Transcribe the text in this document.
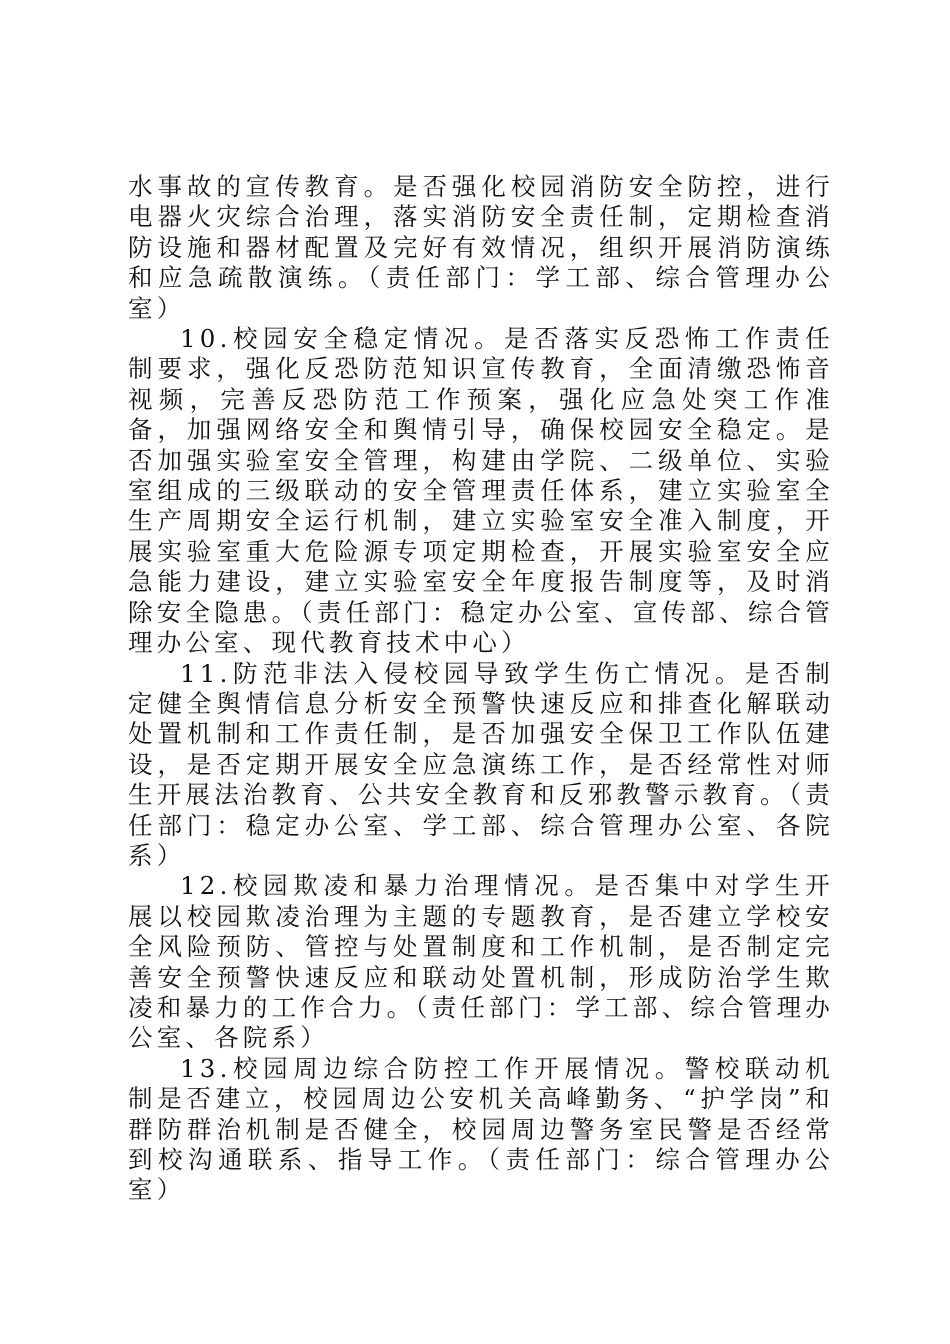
水事故的宣传教育。是否强化校园消防安全防控，进行电器火灾综合治理，落实消防安全责任制，定期检查消防设施和器材配置及完好有效情况，组织开展消防演练和应急疏散演练。（责任部门：学工部、综合管理办公室）

10.校园安全稳定情况。是否落实反恐怖工作责任制要求，强化反恐防范知识宣传教育，全面清缴恐怖音视频，完善反恐防范工作预案，强化应急处突工作准备，加强网络安全和舆情引导，确保校园安全稳定。是否加强实验室安全管理，构建由学院、二级单位、实验室组成的三级联动的安全管理责任体系，建立实验室全生产周期安全运行机制，建立实验室安全准入制度，开展实验室重大危险源专项定期检查，开展实验室安全应急能力建设，建立实验室安全年度报告制度等，及时消除安全隐患。（责任部门：稳定办公室、宣传部、综合管理办公室、现代教育技术中心）

11.防范非法入侵校园导致学生伤亡情况。是否制定健全舆情信息分析安全预警快速反应和排查化解联动处置机制和工作责任制，是否加强安全保卫工作队伍建设，是否定期开展安全应急演练工作，是否经常性对师生开展法治教育、公共安全教育和反邪教警示教育。（责任部门：稳定办公室、学工部、综合管理办公室、各院系）

12.校园欺凌和暴力治理情况。是否集中对学生开展以校园欺凌治理为主题的专题教育，是否建立学校安全风险预防、管控与处置制度和工作机制，是否制定完善安全预警快速反应和联动处置机制，形成防治学生欺凌和暴力的工作合力。（责任部门：学工部、综合管理办公室、各院系）

13.校园周边综合防控工作开展情况。警校联动机制是否建立，校园周边公安机关高峰勤务、“护学岗”和群防群治机制是否健全，校园周边警务室民警是否经常到校沟通联系、指导工作。（责任部门：综合管理办公室）
